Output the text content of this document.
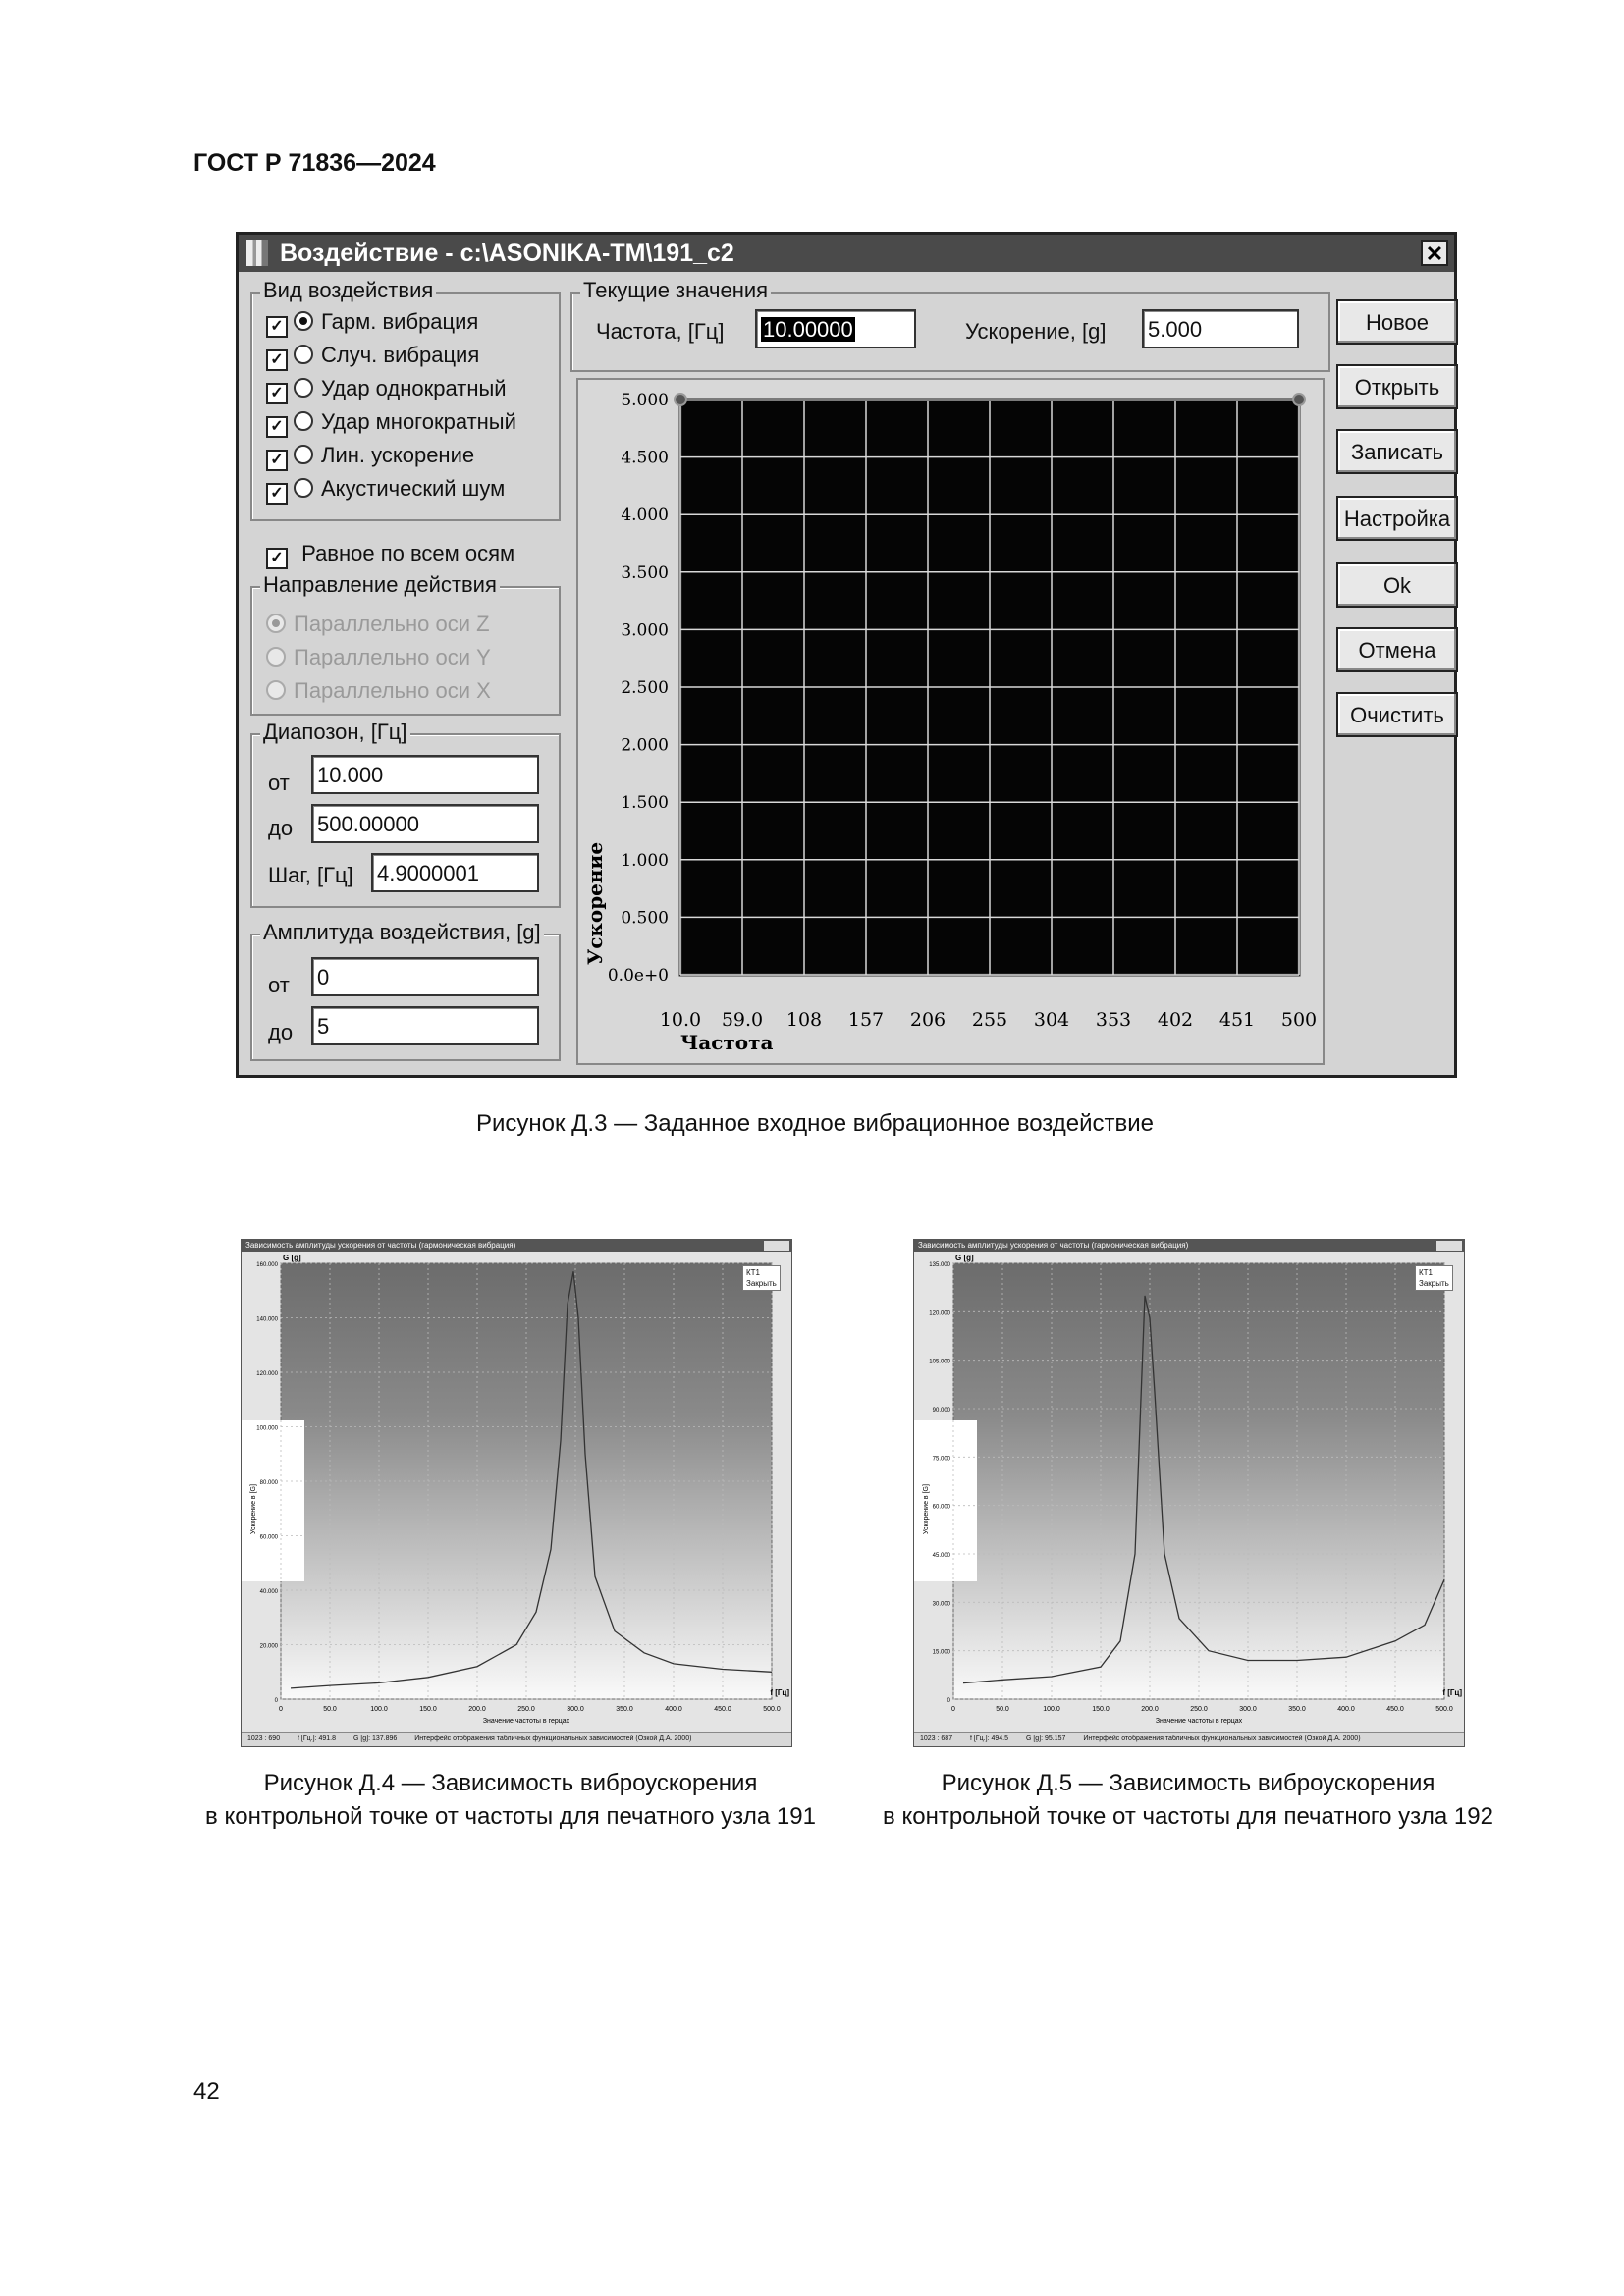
ГОСТ Р 71836—2024
Воздействие - c:\ASONIKA-TM\191_c2	✕
Вид воздействия
✓ Равное по всем осям
Направление действия
Диапозон, [Гц]
от 10.000
до 500.00000
Шаг, [Гц] 4.9000001
Амплитуда воздействия, [g]
от 0
до 5
Текущие значения
Частота, [Гц]	10.00000	Ускорение, [g] 5.000
10.0 59.0 108 157 206 255 304 353 402 451 500
0.0e+0
0.500
1.000
1.500
2.000
2.500
3.000
3.500
4.000
4.500
5.000
Частота
Ускорение
✓ Гарм. вибрация
✓ Случ. вибрация
✓ Удар однократный
✓ Удар многократный
✓ Лин. ускорение
✓ Акустический шум
Параллельно оси Z
Параллельно оси Y
Параллельно оси X
Новое
Открыть
Записать
Настройка
Ok
Отмена
Очистить
Рисунок Д.3 — Заданное входное вибрационное воздействие
Зависимость амплитуды ускорения от частоты (гармоническая вибрация)
0	50.0	100.0	150.0	200.0	250.0	300.0	350.0	400.0	450.0	500.0
0
20.000
40.000
60.000
80.000
100.000
120.000
140.000
160.000
G [g]
f [Гц]
Значение частоты в герцах
Ускорение в [G]
КТ1
Закрыть
1023 : 690	f [Гц.]: 491.8	G [g]: 137.896	Интерфейс отображения табличных функциональных зависимостей (Озкой Д.А. 2000)
Зависимость амплитуды ускорения от частоты (гармоническая вибрация)
0	50.0	100.0	150.0	200.0	250.0	300.0	350.0	400.0	450.0	500.0
0
15.000
30.000
45.000
60.000
75.000
90.000
105.000
120.000
135.000
G [g]
f [Гц]
Значение частоты в герцах
Ускорение в [G]
КТ1
Закрыть
1023 : 687	f [Гц.]: 494.5	G [g]: 95.157	Интерфейс отображения табличных функциональных зависимостей (Озкой Д.А. 2000)
Рисунок Д.4 — Зависимость виброускорения
в контрольной точке от частоты для печатного узла 191
Рисунок Д.5 — Зависимость виброускорения
в контрольной точке от частоты для печатного узла 192
42
